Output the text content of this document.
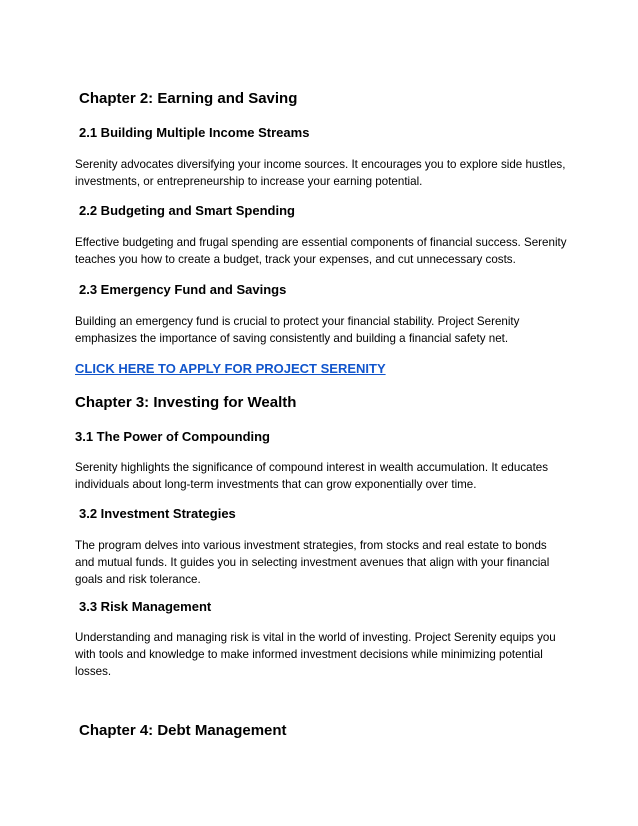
Chapter 2: Earning and Saving
2.1 Building Multiple Income Streams

Serenity advocates diversifying your income sources. It encourages you to explore side hustles,
investments, or entrepreneurship to increase your earning potential.

2.2 Budgeting and Smart Spending

Effective budgeting and frugal spending are essential components of financial success. Serenity
teaches you how to create a budget, track your expenses, and cut unnecessary costs.

2.3 Emergency Fund and Savings

Building an emergency fund is crucial to protect your financial stability. Project Serenity
emphasizes the importance of saving consistently and building a financial safety net.

CLICK HERE TO APPLY FOR PROJECT SERENITY
Chapter 3: Investing for Wealth
3.1 The Power of Compounding

Serenity highlights the significance of compound interest in wealth accumulation. It educates
individuals about long-term investments that can grow exponentially over time.

3.2 Investment Strategies

The program delves into various investment strategies, from stocks and real estate to bonds
and mutual funds. It guides you in selecting investment avenues that align with your financial
goals and risk tolerance.

3.3 Risk Management

Understanding and managing risk is vital in the world of investing. Project Serenity equips you
with tools and knowledge to make informed investment decisions while minimizing potential
losses.

Chapter 4: Debt Management
